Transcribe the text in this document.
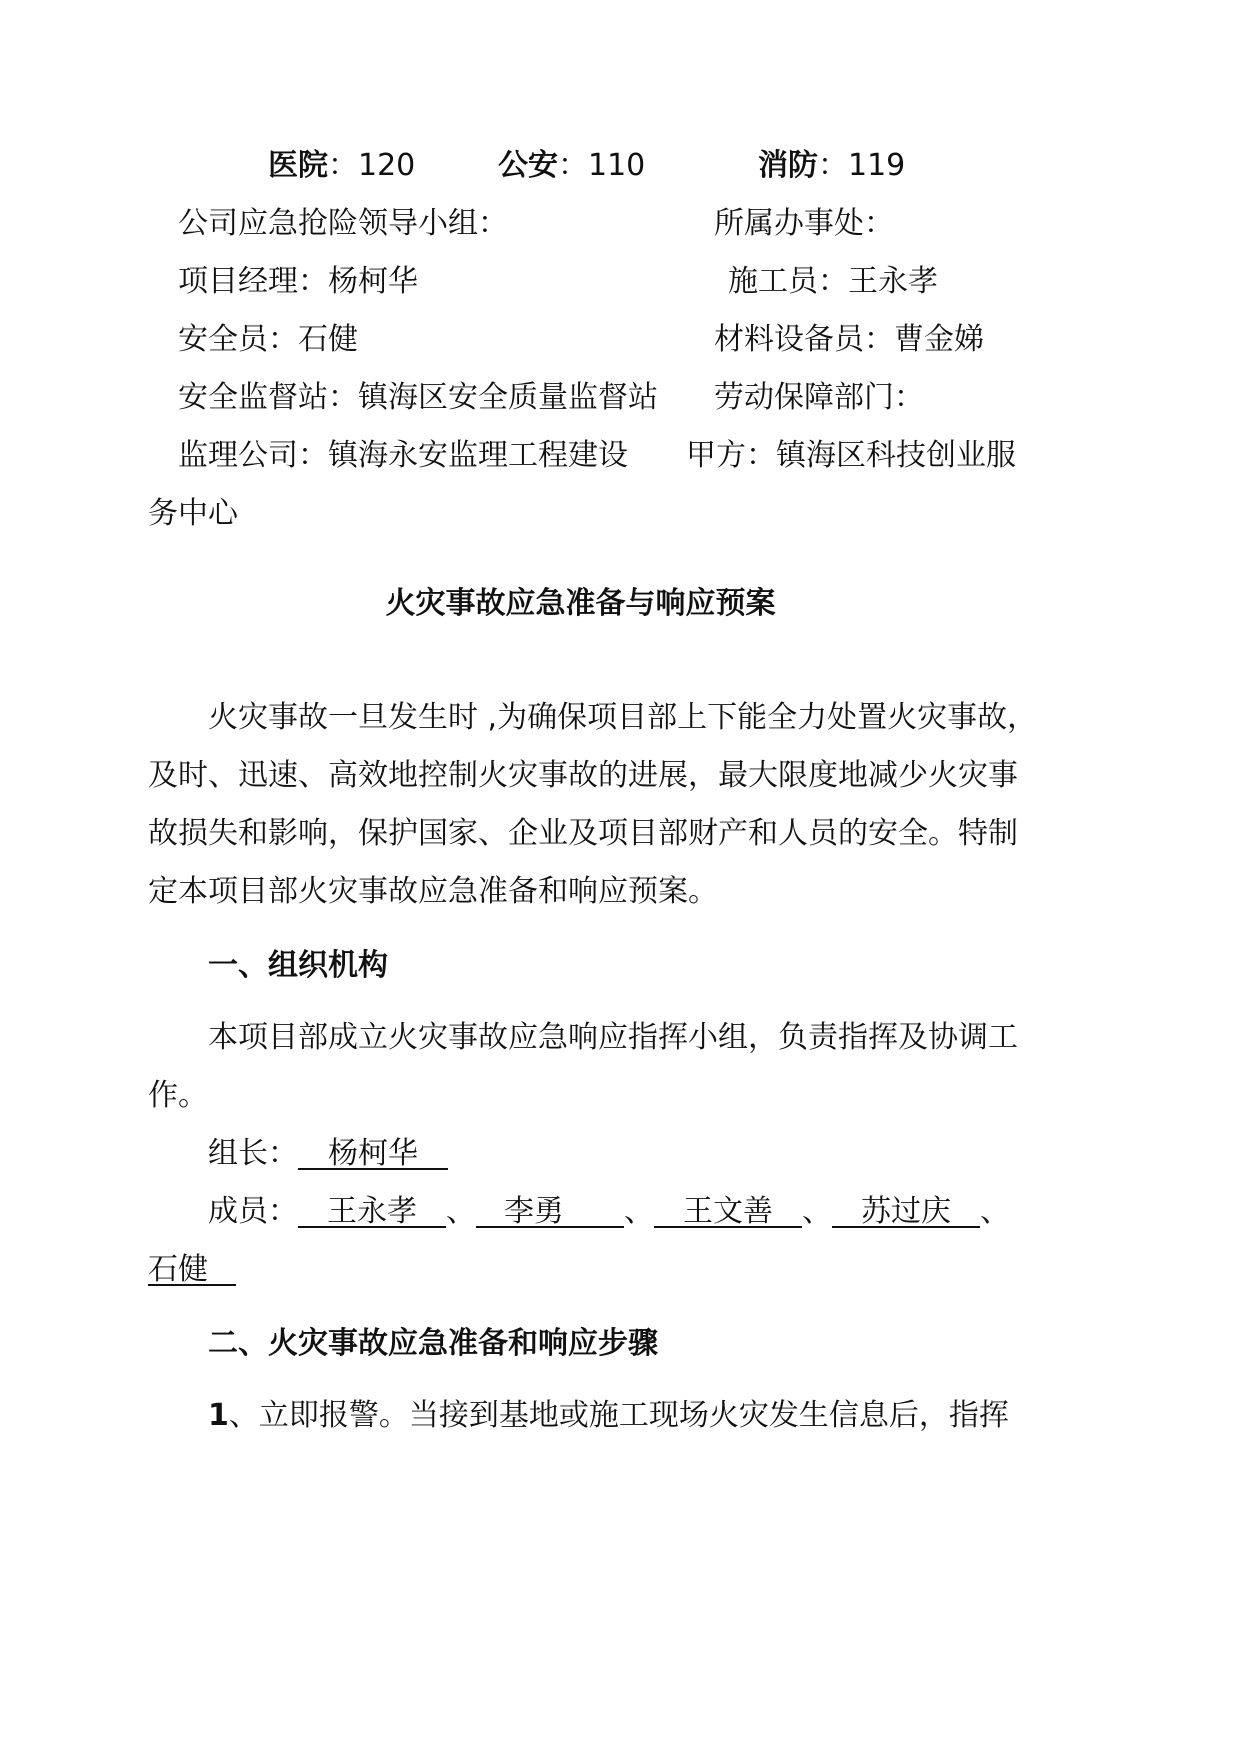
医院：120	公安：110	消防：119
公司应急抢险领导小组：	所属办事处：
项目经理：杨柯华	施工员：王永孝
安全员：石健	材料设备员：曹金娣
安全监督站：镇海区安全质量监督站 劳动保障部门：
监理公司：镇海永安监理工程建设 甲方：镇海区科技创业服
务中心
火灾事故应急准备与响应预案
火灾事故一旦发生时 ,为确保项目部上下能全力处置火灾事故，
及时、迅速、高效地控制火灾事故的进展，最大限度地减少火灾事
故损失和影响，保护国家、企业及项目部财产和人员的安全。特制
定本项目部火灾事故应急准备和响应预案。
一、组织机构
本项目部成立火灾事故应急响应指挥小组，负责指挥及协调工
作。
组长： 杨柯华
成员： 王永孝 、 李勇 、 王文善 、 苏过庆 、
石健
二、火灾事故应急准备和响应步骤
1、立即报警。当接到基地或施工现场火灾发生信息后，指挥
